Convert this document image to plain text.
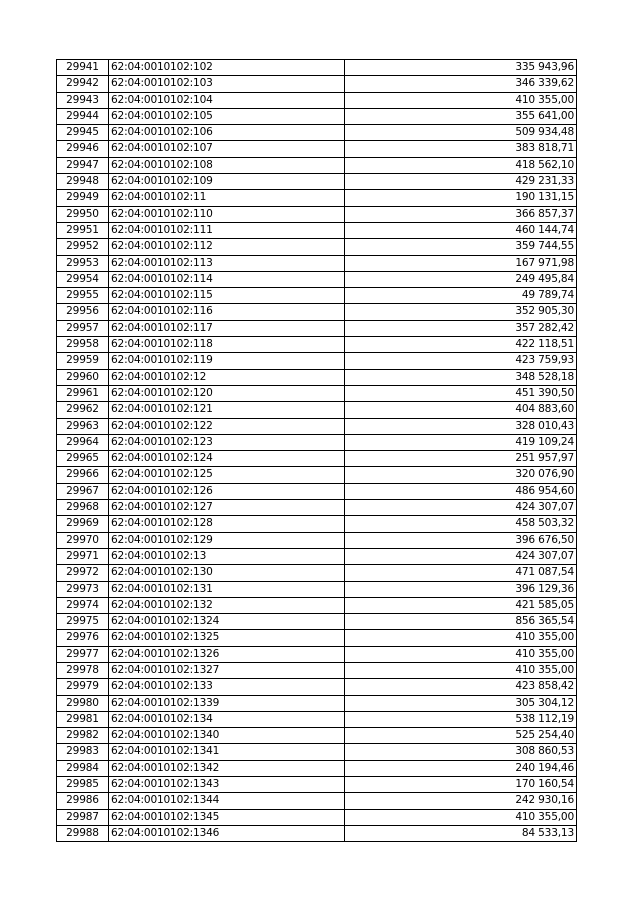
29941	62:04:0010102:102	335 943,96
29942	62:04:0010102:103	346 339,62
29943	62:04:0010102:104	410 355,00
29944	62:04:0010102:105	355 641,00
29945	62:04:0010102:106	509 934,48
29946	62:04:0010102:107	383 818,71
29947	62:04:0010102:108	418 562,10
29948	62:04:0010102:109	429 231,33
29949	62:04:0010102:11	190 131,15
29950	62:04:0010102:110	366 857,37
29951	62:04:0010102:111	460 144,74
29952	62:04:0010102:112	359 744,55
29953	62:04:0010102:113	167 971,98
29954	62:04:0010102:114	249 495,84
29955	62:04:0010102:115	49 789,74
29956	62:04:0010102:116	352 905,30
29957	62:04:0010102:117	357 282,42
29958	62:04:0010102:118	422 118,51
29959	62:04:0010102:119	423 759,93
29960	62:04:0010102:12	348 528,18
29961	62:04:0010102:120	451 390,50
29962	62:04:0010102:121	404 883,60
29963	62:04:0010102:122	328 010,43
29964	62:04:0010102:123	419 109,24
29965	62:04:0010102:124	251 957,97
29966	62:04:0010102:125	320 076,90
29967	62:04:0010102:126	486 954,60
29968	62:04:0010102:127	424 307,07
29969	62:04:0010102:128	458 503,32
29970	62:04:0010102:129	396 676,50
29971	62:04:0010102:13	424 307,07
29972	62:04:0010102:130	471 087,54
29973	62:04:0010102:131	396 129,36
29974	62:04:0010102:132	421 585,05
29975	62:04:0010102:1324	856 365,54
29976	62:04:0010102:1325	410 355,00
29977	62:04:0010102:1326	410 355,00
29978	62:04:0010102:1327	410 355,00
29979	62:04:0010102:133	423 858,42
29980	62:04:0010102:1339	305 304,12
29981	62:04:0010102:134	538 112,19
29982	62:04:0010102:1340	525 254,40
29983	62:04:0010102:1341	308 860,53
29984	62:04:0010102:1342	240 194,46
29985	62:04:0010102:1343	170 160,54
29986	62:04:0010102:1344	242 930,16
29987	62:04:0010102:1345	410 355,00
29988	62:04:0010102:1346	84 533,13
